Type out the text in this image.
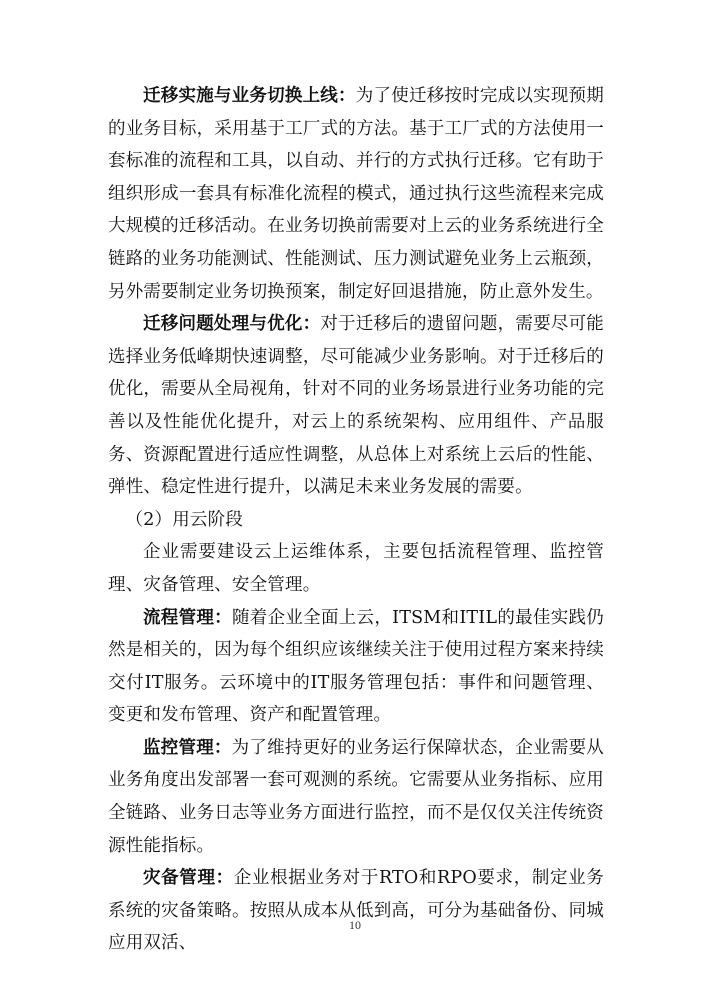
迁移实施与业务切换上线：为了使迁移按时完成以实现预期的业务目标，采用基于工厂式的方法。基于工厂式的方法使用一套标准的流程和工具，以自动、并行的方式执行迁移。它有助于组织形成一套具有标准化流程的模式，通过执行这些流程来完成大规模的迁移活动。在业务切换前需要对上云的业务系统进行全链路的业务功能测试、性能测试、压力测试避免业务上云瓶颈，另外需要制定业务切换预案，制定好回退措施，防止意外发生。

迁移问题处理与优化：对于迁移后的遗留问题，需要尽可能选择业务低峰期快速调整，尽可能减少业务影响。对于迁移后的优化，需要从全局视角，针对不同的业务场景进行业务功能的完善以及性能优化提升，对云上的系统架构、应用组件、产品服务、资源配置进行适应性调整，从总体上对系统上云后的性能、弹性、稳定性进行提升，以满足未来业务发展的需要。

（2）用云阶段

企业需要建设云上运维体系，主要包括流程管理、监控管理、灾备管理、安全管理。

流程管理：随着企业全面上云，ITSM和ITIL的最佳实践仍然是相关的，因为每个组织应该继续关注于使用过程方案来持续交付IT服务。云环境中的IT服务管理包括：事件和问题管理、变更和发布管理、资产和配置管理。

监控管理：为了维持更好的业务运行保障状态，企业需要从业务角度出发部署一套可观测的系统。它需要从业务指标、应用全链路、业务日志等业务方面进行监控，而不是仅仅关注传统资源性能指标。

灾备管理：企业根据业务对于RTO和RPO要求，制定业务系统的灾备策略。按照从成本从低到高，可分为基础备份、同城应用双活、

10
